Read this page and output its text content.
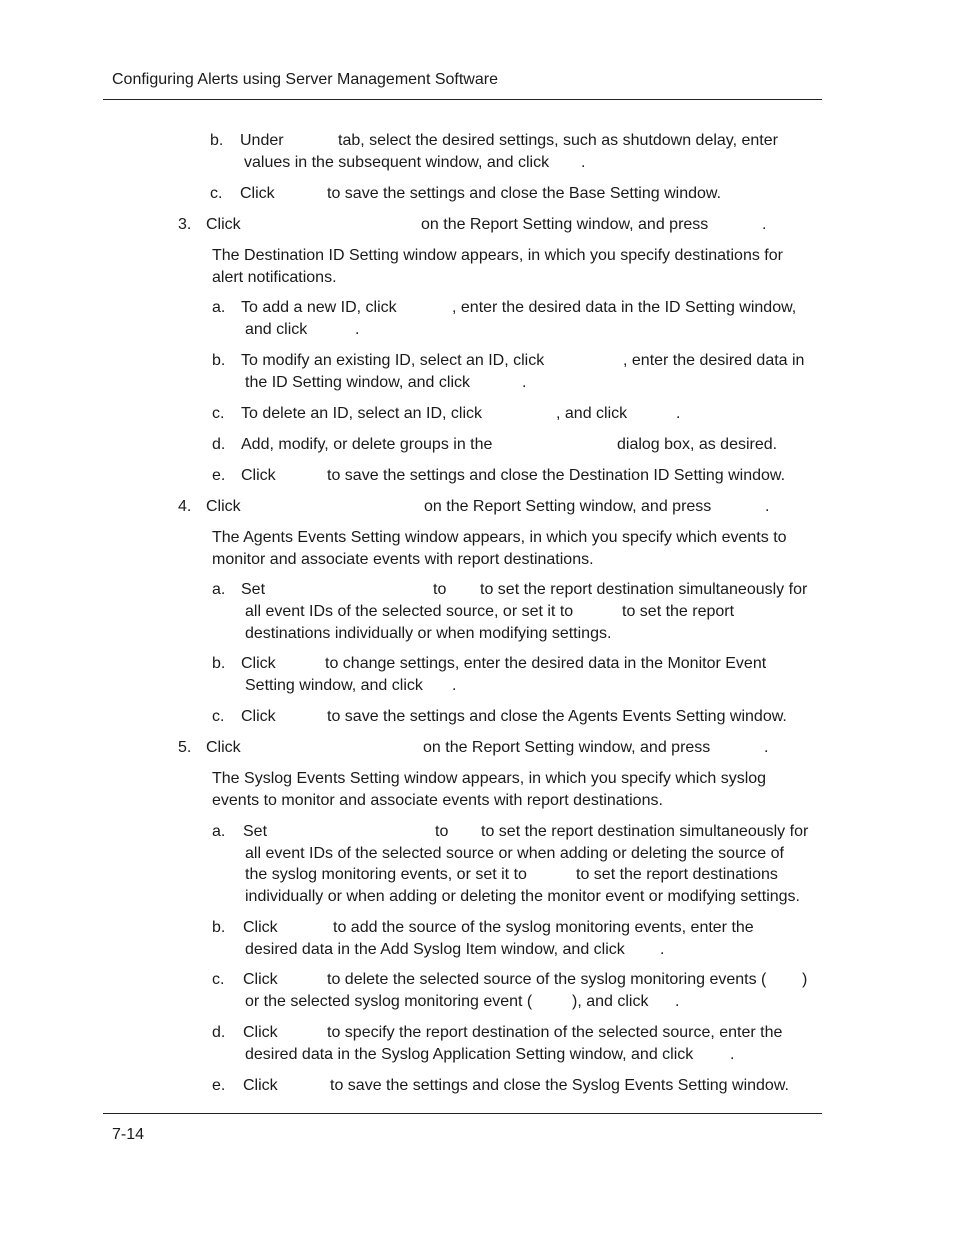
Configuring Alerts using Server Management Software
b. Under	tab, select the desired settings, such as shutdown delay, enter
values in the subsequent window, and click .
c. Click	to save the settings and close the Base Setting window.
3. Click	on the Report Setting window, and press	.
The Destination ID Setting window appears, in which you specify destinations for
alert notifications.
a. To add a new ID, click	, enter the desired data in the ID Setting window,
and click	.
b. To modify an existing ID, select an ID, click	, enter the desired data in
the ID Setting window, and click	.
c. To delete an ID, select an ID, click	, and click	.
d. Add, modify, or delete groups in the	dialog box, as desired.
e. Click	to save the settings and close the Destination ID Setting window.
4. Click	on the Report Setting window, and press	.
The Agents Events Setting window appears, in which you specify which events to
monitor and associate events with report destinations.
a. Set	to to set the report destination simultaneously for
all event IDs of the selected source, or set it to	to set the report
destinations individually or when modifying settings.
b. Click	to change settings, enter the desired data in the Monitor Event
Setting window, and click .
c. Click	to save the settings and close the Agents Events Setting window.
5. Click	on the Report Setting window, and press	.
The Syslog Events Setting window appears, in which you specify which syslog
events to monitor and associate events with report destinations.
a. Set	to to set the report destination simultaneously for
all event IDs of the selected source or when adding or deleting the source of
the syslog monitoring events, or set it to	to set the report destinations
individually or when adding or deleting the monitor event or modifying settings.
b. Click	to add the source of the syslog monitoring events, enter the
desired data in the Add Syslog Item window, and click .
c. Click	to delete the selected source of the syslog monitoring events ( )
or the selected syslog monitoring event ( ), and click .
d. Click	to specify the report destination of the selected source, enter the
desired data in the Syslog Application Setting window, and click .
e. Click	to save the settings and close the Syslog Events Setting window.
7-14
